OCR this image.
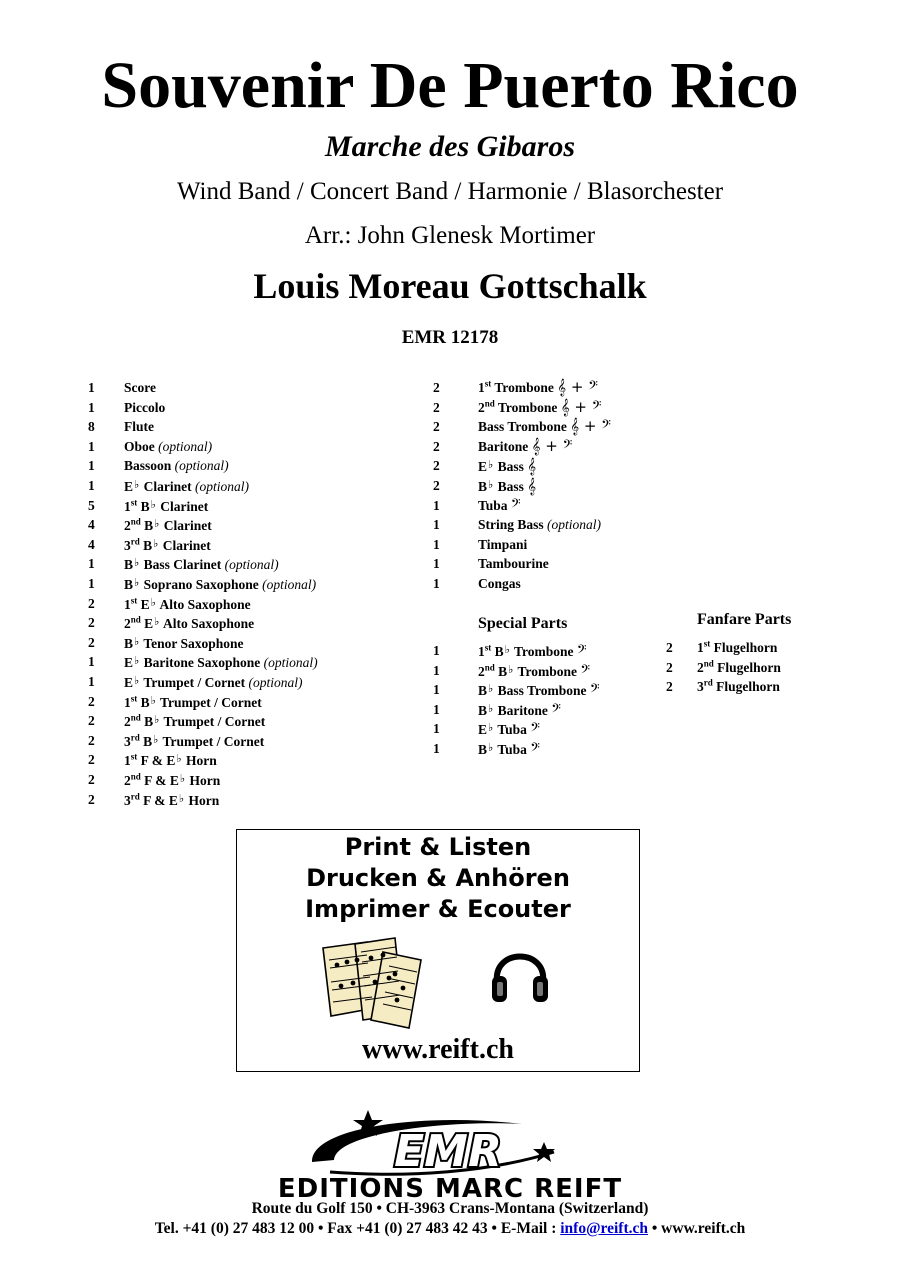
Souvenir De Puerto Rico
Marche des Gibaros
Wind Band / Concert Band / Harmonie / Blasorchester
Arr.: John Glenesk Mortimer
Louis Moreau Gottschalk
EMR 12178
1 Score
1 Piccolo
8 Flute
1 Oboe (optional)
1 Bassoon (optional)
1 E♭ Clarinet (optional)
5 1st B♭ Clarinet
4 2nd B♭ Clarinet
4 3rd B♭ Clarinet
1 B♭ Bass Clarinet (optional)
1 B♭ Soprano Saxophone (optional)
2 1st E♭ Alto Saxophone
2 2nd E♭ Alto Saxophone
2 B♭ Tenor Saxophone
1 E♭ Baritone Saxophone (optional)
1 E♭ Trumpet / Cornet (optional)
2 1st B♭ Trumpet / Cornet
2 2nd B♭ Trumpet / Cornet
2 3rd B♭ Trumpet / Cornet
2 1st F & E♭ Horn
2 2nd F & E♭ Horn
2 3rd F & E♭ Horn
2	1st Trombone 𝄞 + 𝄢
2	2nd Trombone 𝄞 + 𝄢
2	Bass Trombone 𝄞 + 𝄢
2	Baritone 𝄞 + 𝄢
2	E♭ Bass 𝄞
2	B♭ Bass 𝄞
1	Tuba 𝄢
1	String Bass (optional)
1	Timpani
1	Tambourine
1	Congas
Special Parts
1	1st B♭ Trombone 𝄢
1	2nd B♭ Trombone 𝄢
1	B♭ Bass Trombone 𝄢
1	B♭ Baritone 𝄢
1	E♭ Tuba 𝄢
1	B♭ Tuba 𝄢
Fanfare Parts
2 1st Flugelhorn
2 2nd Flugelhorn
2 3rd Flugelhorn
Print & Listen
Drucken & Anhören
Imprimer & Ecouter
www.reift.ch
EMR
EDITIONS MARC REIFT
Route du Golf 150 • CH-3963 Crans-Montana (Switzerland)
Tel. +41 (0) 27 483 12 00 • Fax +41 (0) 27 483 42 43 • E-Mail : info@reift.ch • www.reift.ch
